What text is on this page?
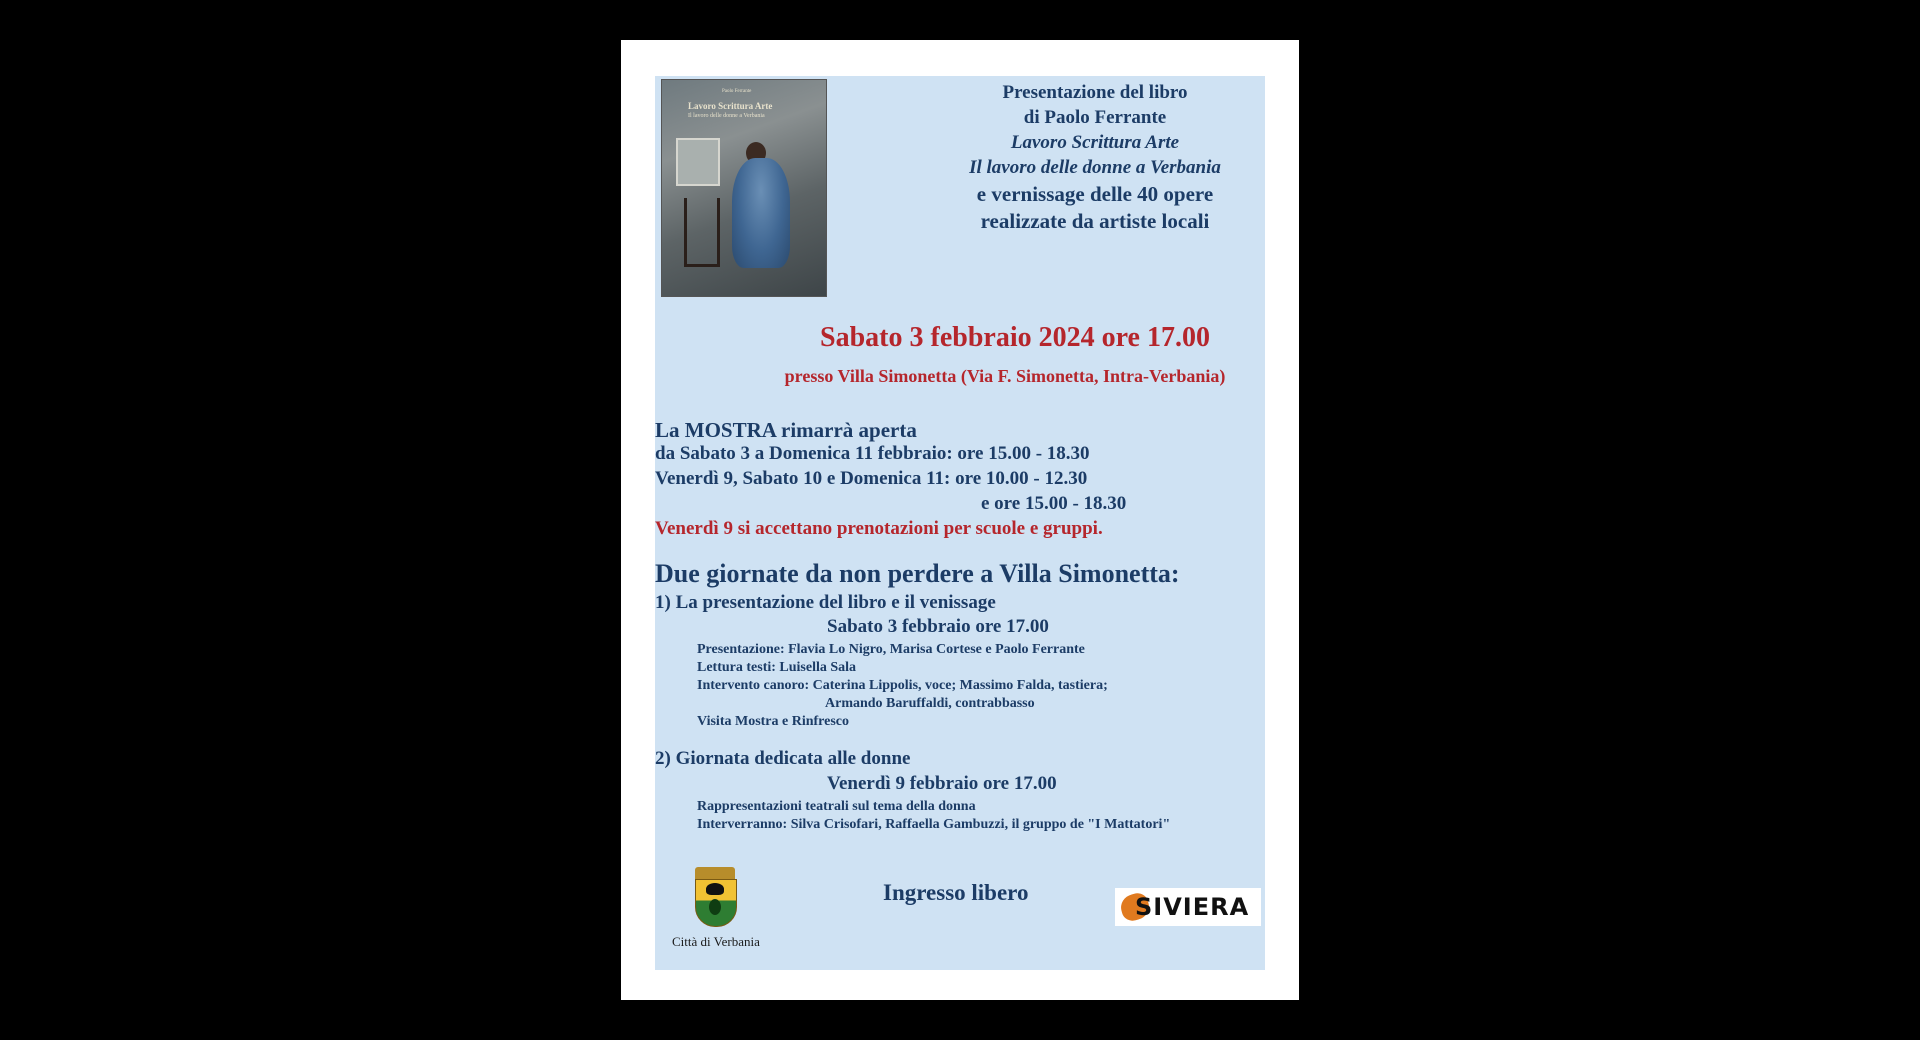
Paolo Ferrante
Lavoro Scrittura Arte
Il lavoro delle donne a Verbania
Presentazione del libro
di Paolo Ferrante
Lavoro Scrittura Arte
Il lavoro delle donne a Verbania
e vernissage delle 40 opere
realizzate da artiste locali
Sabato 3 febbraio 2024 ore 17.00
presso Villa Simonetta (Via F. Simonetta, Intra-Verbania)
La MOSTRA rimarrà aperta
da Sabato 3 a Domenica 11 febbraio: ore 15.00 - 18.30
Venerdì 9, Sabato 10 e Domenica 11: ore 10.00 - 12.30
e ore 15.00 - 18.30
Venerdì 9 si accettano prenotazioni per scuole e gruppi.
Due giornate da non perdere a Villa Simonetta:
1) La presentazione del libro e il venissage
Sabato 3 febbraio ore 17.00
Presentazione: Flavia Lo Nigro, Marisa Cortese e Paolo Ferrante
Lettura testi: Luisella Sala
Intervento canoro: Caterina Lippolis, voce; Massimo Falda, tastiera;
Armando Baruffaldi, contrabbasso
Visita Mostra e Rinfresco
2) Giornata dedicata alle donne
Venerdì 9 febbraio ore 17.00
Rappresentazioni teatrali sul tema della donna
Interverranno: Silva Crisofari, Raffaella Gambuzzi, il gruppo de "I Mattatori"
Città di Verbania
Ingresso libero
SIVIERA
